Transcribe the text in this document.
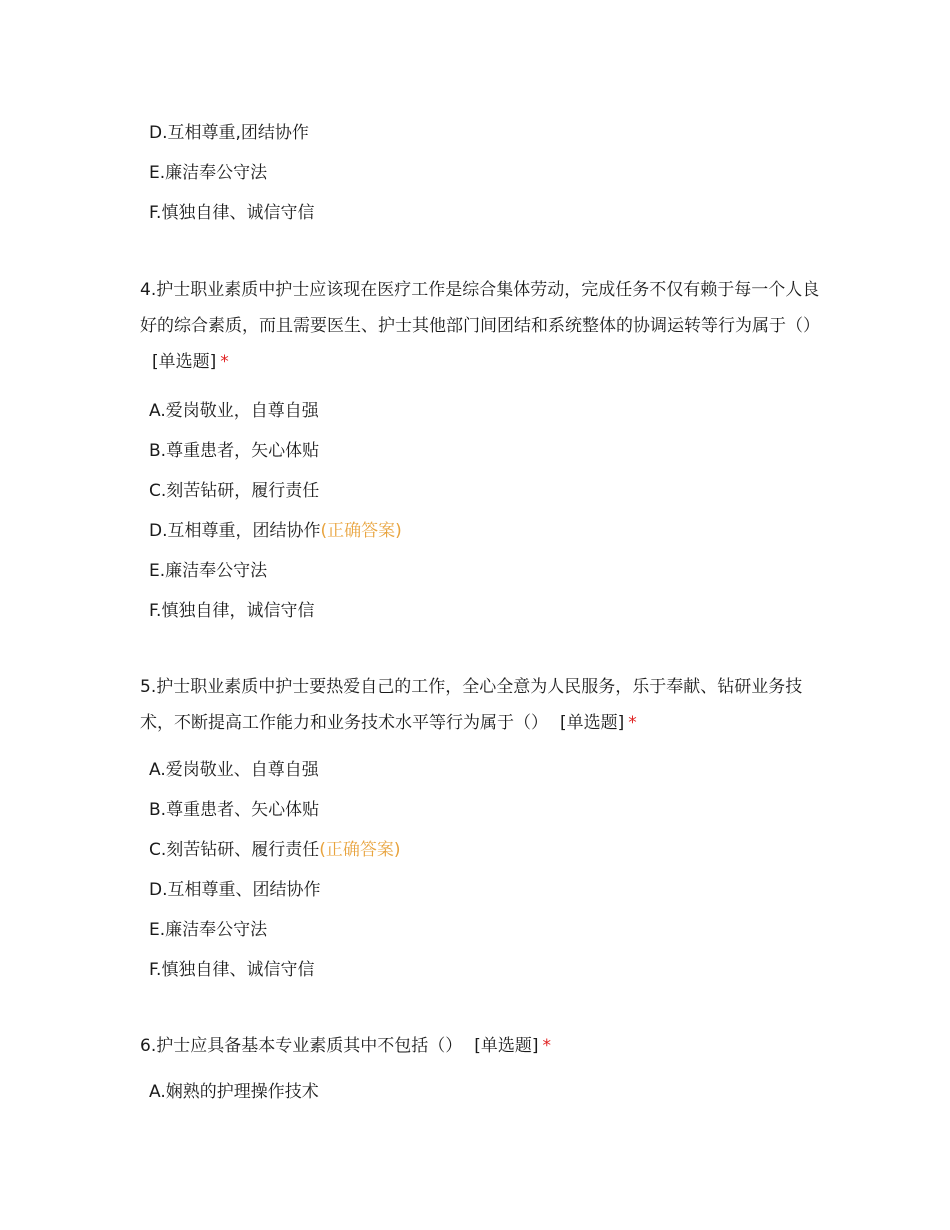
D.互相尊重,团结协作
E.廉洁奉公守法
F.慎独自律、诚信守信

4.护士职业素质中护士应该现在医疗工作是综合集体劳动，完成任务不仅有赖于每一个人良好的综合素质，而且需要医生、护士其他部门间团结和系统整体的协调运转等行为属于（）[单选题] *

A.爱岗敬业，自尊自强
B.尊重患者，矢心体贴
C.刻苦钻研，履行责任
D.互相尊重，团结协作(正确答案)
E.廉洁奉公守法
F.慎独自律，诚信守信

5.护士职业素质中护士要热爱自己的工作，全心全意为人民服务，乐于奉献、钻研业务技术，不断提高工作能力和业务技术水平等行为属于（） [单选题] *

A.爱岗敬业、自尊自强
B.尊重患者、矢心体贴
C.刻苦钻研、履行责任(正确答案)
D.互相尊重、团结协作
E.廉洁奉公守法
F.慎独自律、诚信守信

6.护士应具备基本专业素质其中不包括（） [单选题] *

A.娴熟的护理操作技术
